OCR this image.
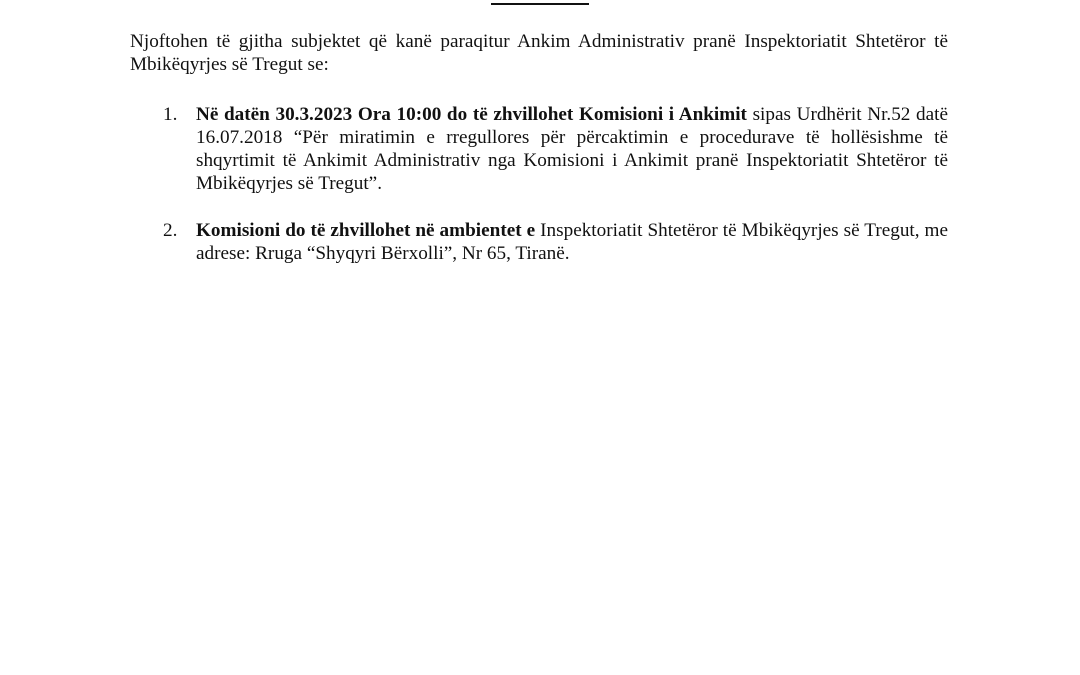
Njoftohen të gjitha subjektet që kanë paraqitur Ankim Administrativ pranë Inspektoriatit Shtetëror të Mbikëqyrjes së Tregut se:

1. Në datën 30.3.2023 Ora 10:00 do të zhvillohet Komisioni i Ankimit sipas Urdhërit Nr.52 datë 16.07.2018 “Për miratimin e rregullores për përcaktimin e procedurave të hollësishme të shqyrtimit të Ankimit Administrativ nga Komisioni i Ankimit pranë Inspektoriatit Shtetëror të Mbikëqyrjes së Tregut”.

2. Komisioni do të zhvillohet në ambientet e Inspektoriatit Shtetëror të Mbikëqyrjes së Tregut, me adrese: Rruga “Shyqyri Bërxolli”, Nr 65, Tiranë.
